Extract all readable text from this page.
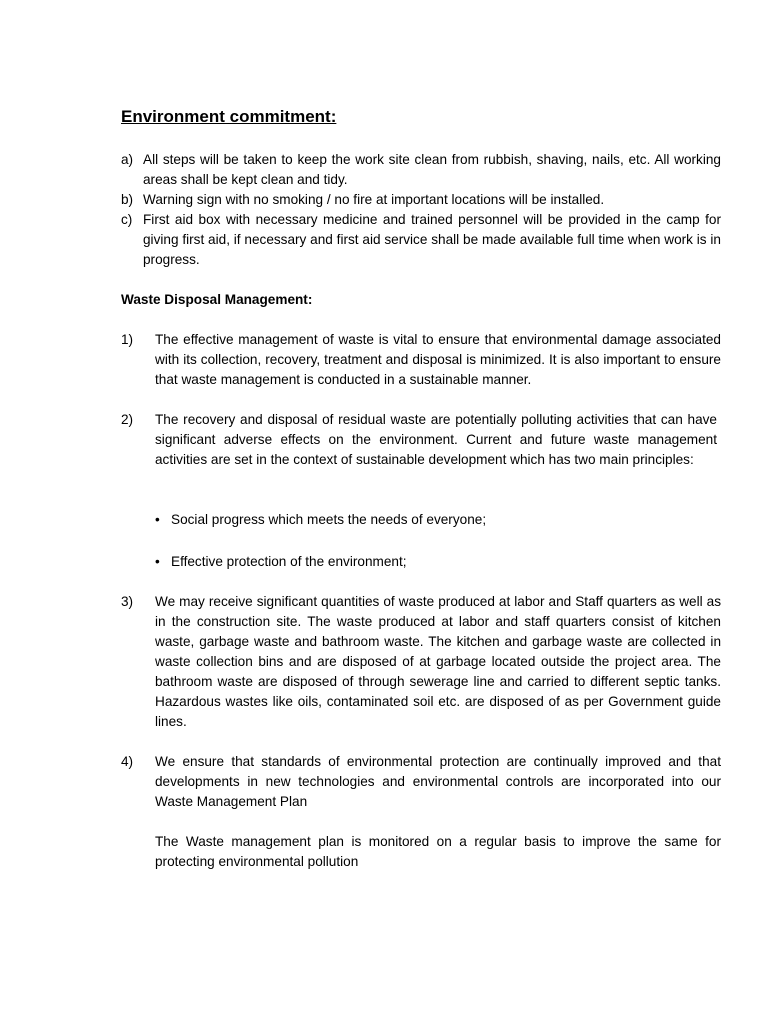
Environment commitment:
a) All steps will be taken to keep the work site clean from rubbish, shaving, nails, etc. All working areas shall be kept clean and tidy.

b) Warning sign with no smoking / no fire at important locations will be installed.

c) First aid box with necessary medicine and trained personnel will be provided in the camp for giving first aid, if necessary and first aid service shall be made available full time when work is in progress.

Waste Disposal Management:
1) The effective management of waste is vital to ensure that environmental damage associated with its collection, recovery, treatment and disposal is minimized. It is also important to ensure that waste management is conducted in a sustainable manner.

2) The recovery and disposal of residual waste are potentially polluting activities that can have significant adverse effects on the environment. Current and future waste management activities are set in the context of sustainable development which has two main principles:

• Social progress which meets the needs of everyone;
• Effective protection of the environment;
3) We may receive significant quantities of waste produced at labor and Staff quarters as well as in the construction site. The waste produced at labor and staff quarters consist of kitchen waste, garbage waste and bathroom waste. The kitchen and garbage waste are collected in waste collection bins and are disposed of at garbage located outside the project area. The bathroom waste are disposed of through sewerage line and carried to different septic tanks. Hazardous wastes like oils, contaminated soil etc. are disposed of as per Government guide lines.

4) We ensure that standards of environmental protection are continually improved and that developments in new technologies and environmental controls are incorporated into our Waste Management Plan

The Waste management plan is monitored on a regular basis to improve the same for protecting environmental pollution
